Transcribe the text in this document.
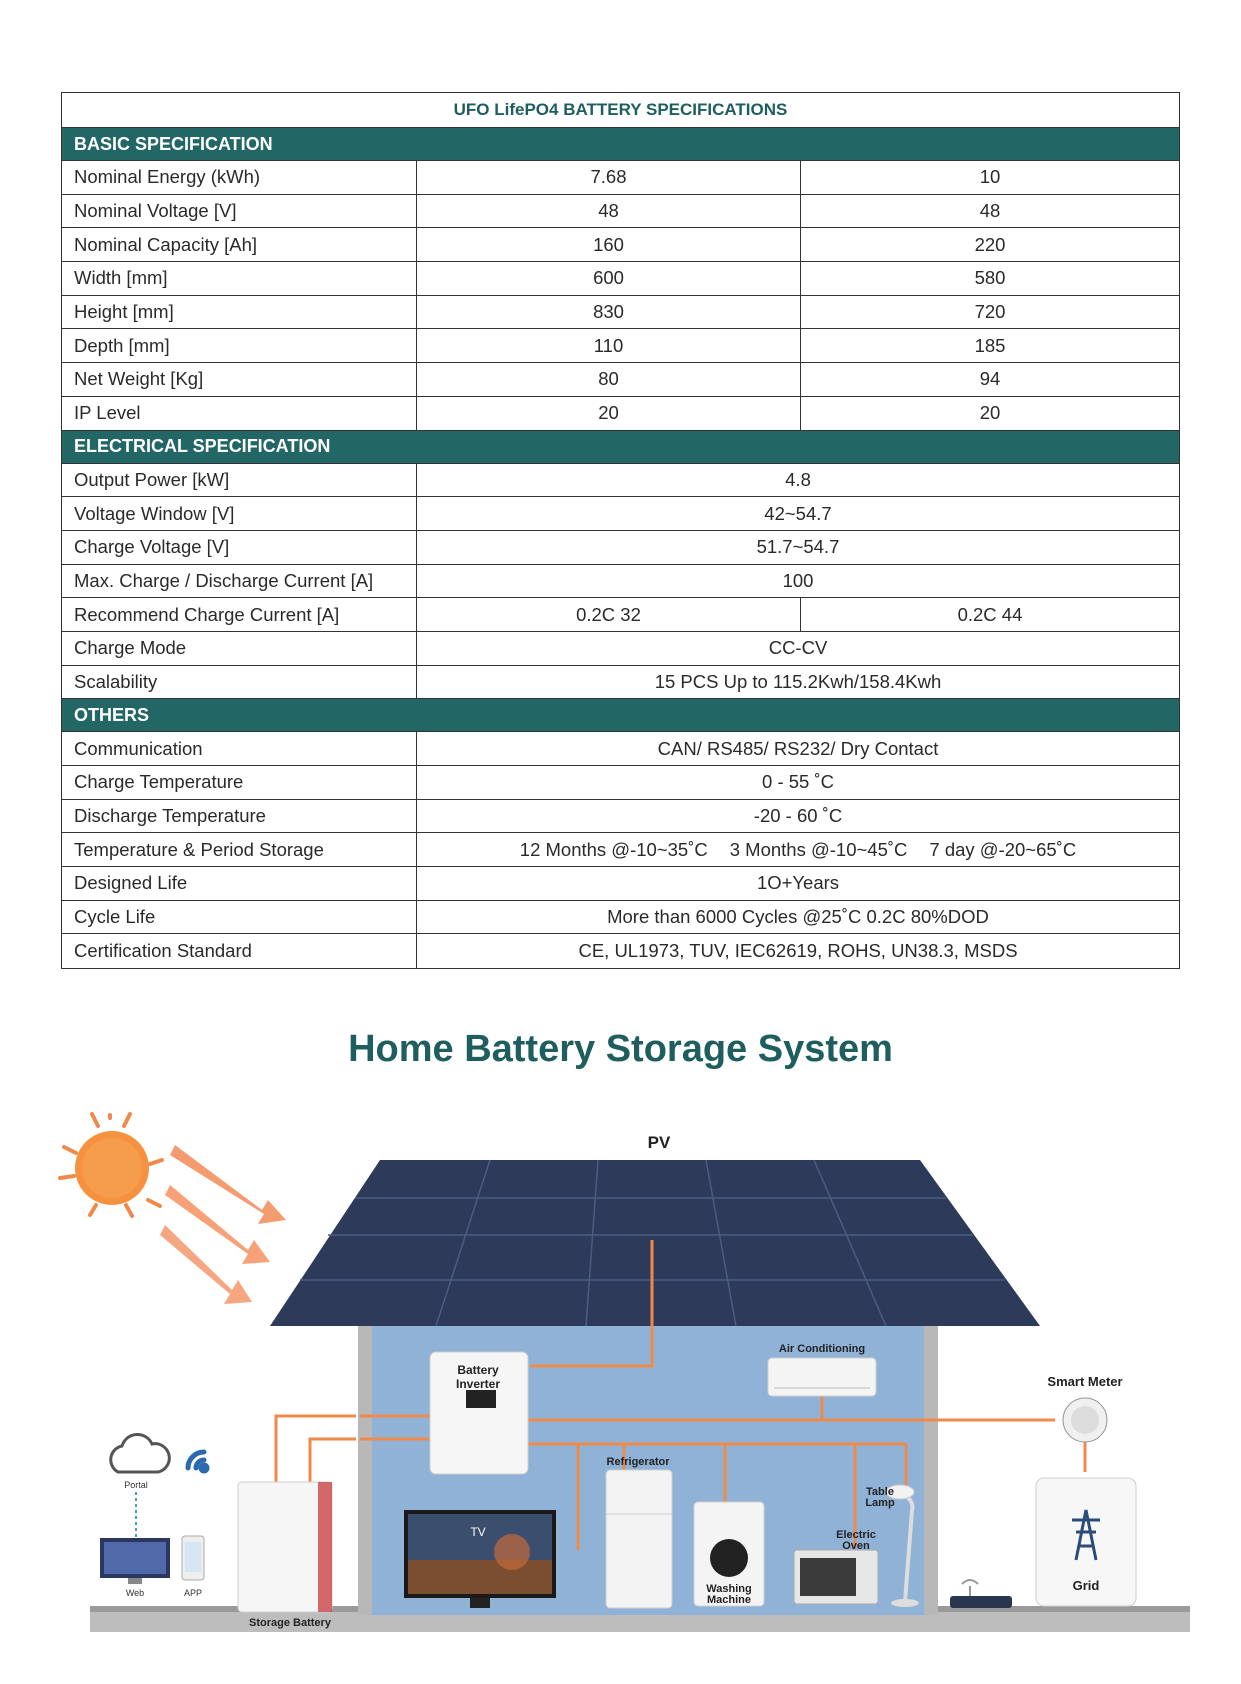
UFO LifePO4 BATTERY SPECIFICATIONS
BASIC SPECIFICATION
Nominal Energy (kWh)	7.68	10
Nominal Voltage [V]	48	48
Nominal Capacity [Ah]	160	220
Width [mm]	600	580
Height [mm]	830	720
Depth [mm]	110	185
Net Weight [Kg]	80	94
IP Level	20	20
ELECTRICAL SPECIFICATION
Output Power [kW]	4.8
Voltage Window [V]	42~54.7
Charge Voltage [V]	51.7~54.7
Max. Charge / Discharge Current [A]	100
Recommend Charge Current [A]	0.2C 32	0.2C 44
Charge Mode	CC-CV
Scalability	15 PCS Up to 115.2Kwh/158.4Kwh
OTHERS
Communication	CAN/ RS485/ RS232/ Dry Contact
Charge Temperature	0 - 55 ˚C
Discharge Temperature	-20 - 60 ˚C
Temperature & Period Storage	12 Months @-10~35˚C 3 Months @-10~45˚C 7 day @-20~65˚C
Designed Life	1O+Years
Cycle Life	More than 6000 Cycles @25˚C 0.2C 80%DOD
Certification Standard	CE, UL1973, TUV, IEC62619, ROHS, UN38.3, MSDS
Home Battery Storage System
PV
Battery
Inverter
Air Conditioning
Refrigerator
TV
Washing
Machine
Electric
Oven
Table
Lamp
Smart Meter
Grid
Storage Battery
Portal
Web	APP
